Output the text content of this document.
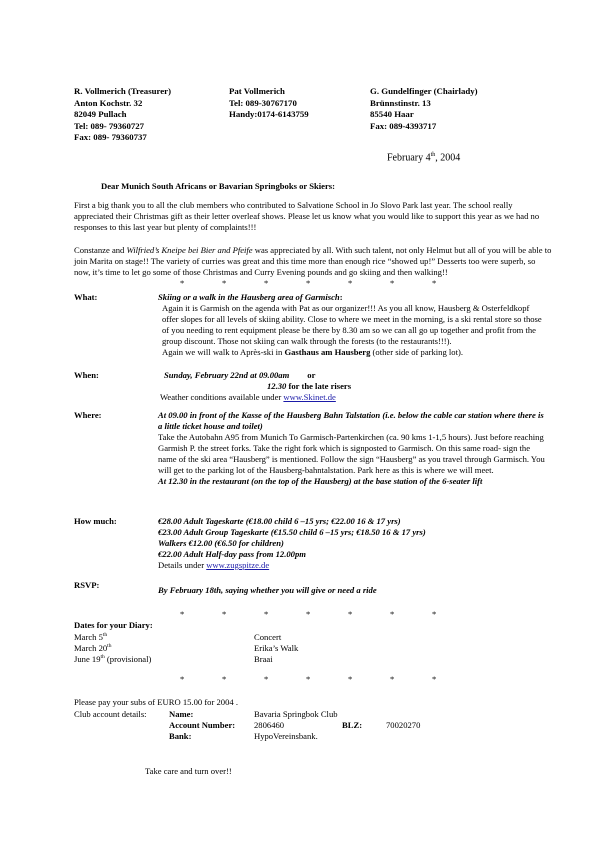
R. Vollmerich (Treasurer)
Anton Kochstr. 32
82049 Pullach
Tel: 089- 79360727
Fax: 089- 79360737
Pat Vollmerich
Tel: 089-30767170
Handy:0174-6143759
G. Gundelfinger (Chairlady)
Brünnstinstr. 13
85540 Haar
Fax: 089-4393717
February 4th, 2004
Dear Munich South Africans or Bavarian Springboks or Skiers:

First a big thank you to all the club members who contributed to Salvatione School in Jo Slovo Park last year. The school really appreciated their Christmas gift as their letter overleaf shows. Please let us know what you would like to support this year as we had no responses to this last year but plenty of complaints!!!

Constanze and Wilfried’s Kneipe bei Bier and Pfeife was appreciated by all. With such talent, not only Helmut but all of you will be able to join Marita on stage!! The variety of curries was great and this time more than enough rice “showed up!” Desserts too were superb, so now, it’s time to let go some of those Christmas and Curry Evening pounds and go skiing and then walking!!

*	*	*	*	*	*	*
What:	Skiing or a walk in the Hausberg area of Garmisch:

Again it is Garmish on the agenda with Pat as our organizer!!! As you all know, Hausberg & Osterfeldkopf offer slopes for all levels of skiing ability. Close to where we meet in the morning, is a ski rental store so those of you needing to rent equipment please be there by 8.30 am so we can all go up together and profit from the group discount. Those not skiing can walk through the forests (to the restaurants!!!).

Again we will walk to Après-ski in Gasthaus am Hausberg (other side of parking lot).
When:	Sunday, February 22nd at 09.00am or
12.30 for the late risers
Weather conditions available under www.Skinet.de
Where:	At 09.00 in front of the Kasse of the Hausberg Bahn Talstation (i.e. below the cable car station where there is a little ticket house and toilet)

Take the Autobahn A95 from Munich To Garmisch-Partenkirchen (ca. 90 kms 1-1,5 hours). Just before reaching Garmish P. the street forks. Take the right fork which is signposted to Garmisch. On this same road- sign the name of the ski area “Hausberg” is mentioned. Follow the sign “Hausberg” as you travel through Garmisch. You will get to the parking lot of the Hausberg-bahntalstation. Park here as this is where we will meet.

At 12.30 in the restaurant (on the top of the Hausberg) at the base station of the 6-seater lift

How much:	€28.00 Adult Tageskarte (€18.00 child 6 –15 yrs; €22.00 16 & 17 yrs)
€23.00 Adult Group Tageskarte (€15.50 child 6 –15 yrs; €18.50 16 & 17 yrs)
Walkers €12.00 (€6.50 for children)
€22.00 Adult Half-day pass from 12.00pm
Details under www.zugspitze.de
RSVP:	By February 18th, saying whether you will give or need a ride
*	*	*	*	*	*	*
Dates for your Diary:
March 5th	Concert
March 20th	Erika’s Walk
June 19th (provisional)	Braai
*	*	*	*	*	*	*
Please pay your subs of EURO 15.00 for 2004 .
Club account details:	Name:	Bavaria Springbok Club
Account Number: 2806460	BLZ:	70020270
Bank:	HypoVereinsbank.
Take care and turn over!!
